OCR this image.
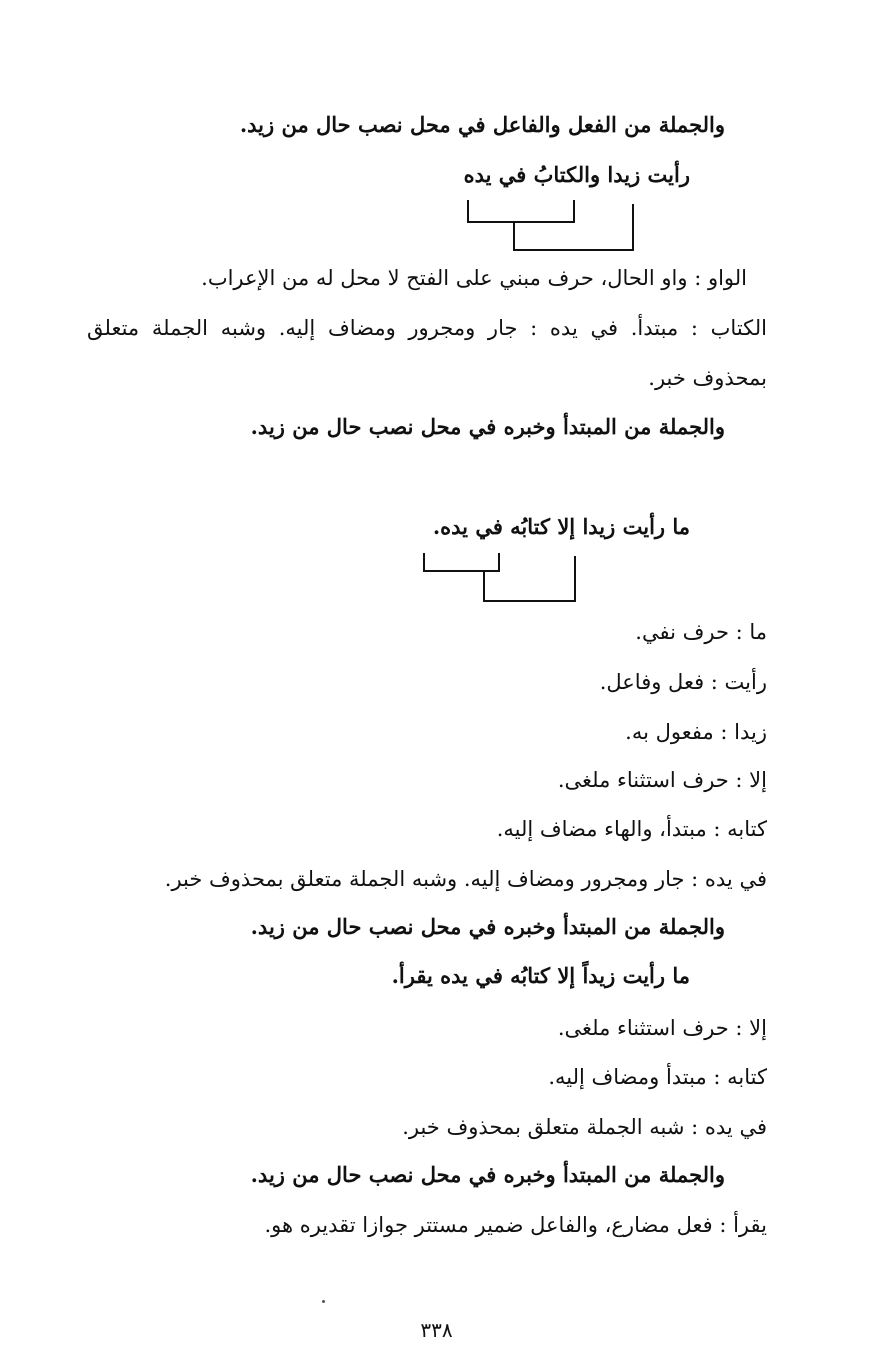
والجملة من الفعل والفاعل في محل نصب حال من زيد.

رأيت زيدا والكتابُ في يده

الواو : واو الحال، حرف مبني على الفتح لا محل له من الإعراب.

الكتاب : مبتدأ. في يده : جار ومجرور ومضاف إليه. وشبه الجملة متعلق

بمحذوف خبر.

والجملة من المبتدأ وخبره في محل نصب حال من زيد.

ما رأيت زيدا إلا كتابُه في يده.

ما : حرف نفي.

رأيت : فعل وفاعل.

زيدا : مفعول به.

إلا : حرف استثناء ملغى.

كتابه : مبتدأ، والهاء مضاف إليه.

في يده : جار ومجرور ومضاف إليه. وشبه الجملة متعلق بمحذوف خبر.

والجملة من المبتدأ وخبره في محل نصب حال من زيد.

ما رأيت زيداً إلا كتابُه في يده يقرأ.

إلا : حرف استثناء ملغى.

كتابه : مبتدأ ومضاف إليه.

في يده : شبه الجملة متعلق بمحذوف خبر.

والجملة من المبتدأ وخبره في محل نصب حال من زيد.

يقرأ : فعل مضارع، والفاعل ضمير مستتر جوازا تقديره هو.

٣٣٨
